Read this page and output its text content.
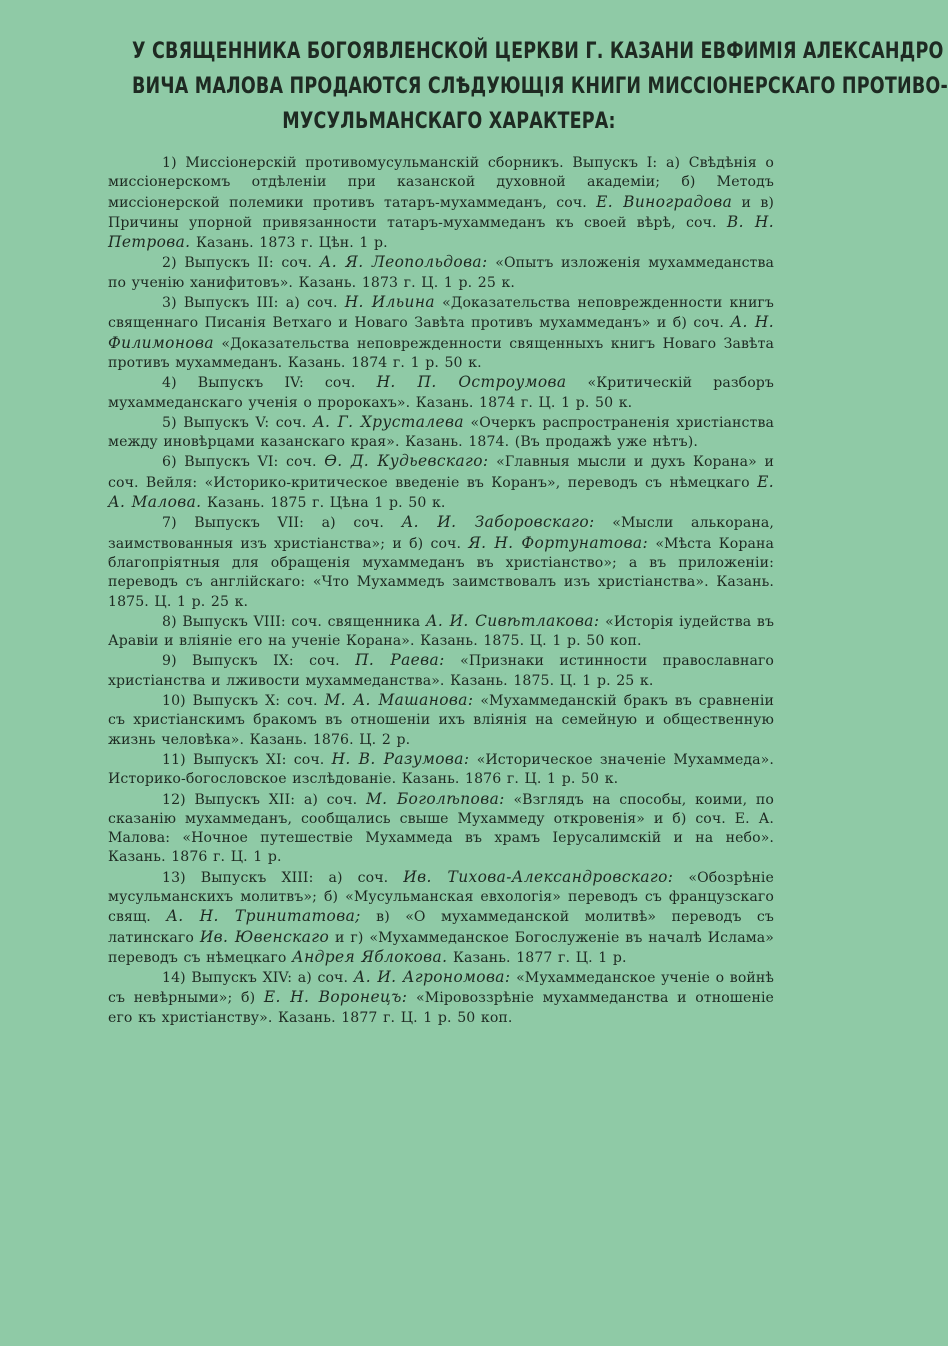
У СВЯЩЕННИКА БОГОЯВЛЕНСКОЙ ЦЕРКВИ Г. КАЗАНИ ЕВФИМІЯ АЛЕКСАНДРО
ВИЧА МАЛОВА ПРОДАЮТСЯ СЛѢДУЮЩІЯ КНИГИ МИССІОНЕРСКАГО ПРОТИВО-
МУСУЛЬМАНСКАГО ХАРАКТЕРА:

1) Миссіонерскій противомусульманскій сборникъ. Выпускъ I: а) Свѣдѣнія о миссіонерскомъ отдѣленіи при казанской духовной академіи; б) Методъ миссіонерской полемики противъ татаръ-мухаммеданъ, соч. Е. Виноградова и в) Причины упорной привязанности татаръ-мухаммеданъ къ своей вѣрѣ, соч. В. Н. Петрова. Казань. 1873 г. Цѣн. 1 р.

2) Выпускъ II: соч. А. Я. Леопольдова: «Опытъ изложенія мухаммеданства по ученію ханифитовъ». Казань. 1873 г. Ц. 1 р. 25 к.

3) Выпускъ III: а) соч. Н. Ильина «Доказательства неповрежденности книгъ священнаго Писанія Ветхаго и Новаго Завѣта противъ мухаммеданъ» и б) соч. А. Н. Филимонова «Доказательства неповрежденности священныхъ книгъ Новаго Завѣта противъ мухаммеданъ. Казань. 1874 г. 1 р. 50 к.

4) Выпускъ IV: соч. Н. П. Остроумова «Критическій разборъ мухаммеданскаго ученія о пророкахъ». Казань. 1874 г. Ц. 1 р. 50 к.

5) Выпускъ V: соч. А. Г. Хрусталева «Очеркъ распространенія христіанства между иновѣрцами казанскаго края». Казань. 1874. (Въ продажѣ уже нѣтъ).

6) Выпускъ VI: соч. Ѳ. Д. Кудьевскаго: «Главныя мысли и духъ Корана» и соч. Вейля: «Историко-критическое введеніе въ Коранъ», переводъ съ нѣмецкаго Е. А. Малова. Казань. 1875 г. Цѣна 1 р. 50 к.

7) Выпускъ VII: а) соч. А. И. Заборовскаго: «Мысли алькорана, заимствованныя изъ христіанства»; и б) соч. Я. Н. Фортунатова: «Мѣста Корана благопріятныя для обращенія мухаммеданъ въ христіанство»; а въ приложеніи: переводъ съ англійскаго: «Что Мухаммедъ заимствовалъ изъ христіанства». Казань. 1875. Ц. 1 р. 25 к.

8) Выпускъ VIII: соч. священника А. И. Сивѣтлакова: «Исторія іудейства въ Аравіи и вліяніе его на ученіе Корана». Казань. 1875. Ц. 1 р. 50 коп.

9) Выпускъ IX: соч. П. Раева: «Признаки истинности православнаго христіанства и лживости мухаммеданства». Казань. 1875. Ц. 1 р. 25 к.

10) Выпускъ X: соч. М. А. Машанова: «Мухаммеданскій бракъ въ сравненіи съ христіанскимъ бракомъ въ отношеніи ихъ вліянія на семейную и общественную жизнь человѣка». Казань. 1876. Ц. 2 р.

11) Выпускъ XI: соч. Н. В. Разумова: «Историческое значеніе Мухаммеда». Историко-богословское изслѣдованіе. Казань. 1876 г. Ц. 1 р. 50 к.

12) Выпускъ XII: а) соч. М. Боголѣпова: «Взглядъ на способы, коими, по сказанію мухаммеданъ, сообщались свыше Мухаммеду откровенія» и б) соч. Е. А. Малова: «Ночное путешествіе Мухаммеда въ храмъ Іерусалимскій и на небо». Казань. 1876 г. Ц. 1 р.

13) Выпускъ XIII: а) соч. Ив. Тихова-Александровскаго: «Обозрѣніе мусульманскихъ молитвъ»; б) «Мусульманская евхологія» переводъ съ французскаго свящ. А. Н. Тринитатова; в) «О мухаммеданской молитвѣ» переводъ съ латинскаго Ив. Ювенскаго и г) «Мухаммеданское Богослуженіе въ началѣ Ислама» переводъ съ нѣмецкаго Андрея Яблокова. Казань. 1877 г. Ц. 1 р.

14) Выпускъ XIV: а) соч. А. И. Агрономова: «Мухаммеданское ученіе о войнѣ съ невѣрными»; б) Е. Н. Воронецъ: «Міровоззрѣніе мухаммеданства и отношеніе его къ христіанству». Казань. 1877 г. Ц. 1 р. 50 коп.
